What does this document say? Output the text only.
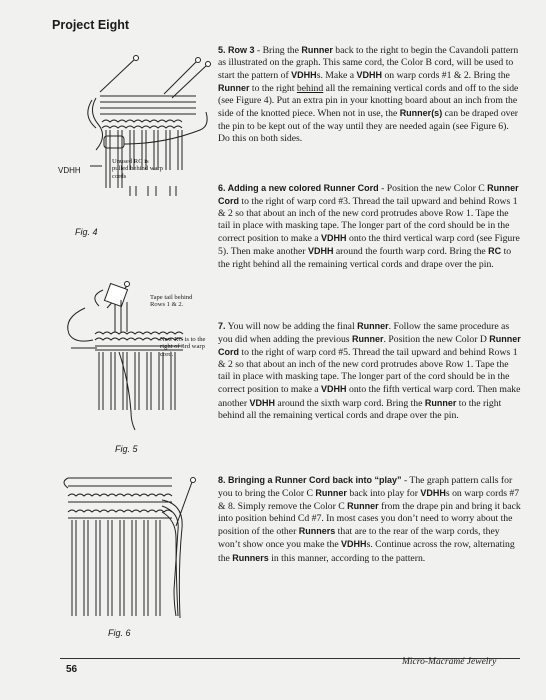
Project Eight

5. Row 3 - Bring the Runner back to the right to begin the Cavandoli pattern as illustrated on the graph. This same cord, the Color B cord, will be used to start the pattern of VDHHs. Make a VDHH on warp cords #1 & 2. Bring the Runner to the right behind all the remaining vertical cords and off to the side (see Figure 4). Put an extra pin in your knotting board about an inch from the side of the knotted piece. When not in use, the Runner(s) can be draped over the pin to be kept out of the way until they are needed again (see Figure 6). Do this on both sides.

6. Adding a new colored Runner Cord - Position the new Color C Runner Cord to the right of warp cord #3. Thread the tail upward and behind Rows 1 & 2 so that about an inch of the new cord protrudes above Row 1. Tape the tail in place with masking tape. The longer part of the cord should be in the correct position to make a VDHH onto the third vertical warp cord (see Figure 5). Then make another VDHH around the fourth warp cord. Bring the RC to the right behind all the remaining vertical cords and drape over the pin.

7. You will now be adding the final Runner. Follow the same procedure as you did when adding the previous Runner. Position the new Color D Runner Cord to the right of warp cord #5. Thread the tail upward and behind Rows 1 & 2 so that about an inch of the new cord protrudes above Row 1. Tape the tail in place with masking tape. The longer part of the cord should be in the correct position to make a VDHH onto the fifth vertical warp cord. Then make another VDHH around the sixth warp cord. Bring the Runner to the right behind all the remaining vertical cords and drape over the pin.

8. Bringing a Runner Cord back into “play” - The graph pattern calls for you to bring the Color C Runner back into play for VDHHs on warp cords #7 & 8. Simply remove the Color C Runner from the drape pin and bring it back into position behind Cd #7. In most cases you don’t need to worry about the position of the other Runners that are to the rear of the warp cords, they won’t show once you make the VDHHs. Continue across the row, alternating the Runners in this manner, according to the pattern.

VDHH
Unused RC is pulled behind warp cords
Fig. 4
Tape tail behind Rows 1 & 2.
New RC is to the right of 3rd warp cord.
Fig. 5
Fig. 6
56
Micro-Macramé Jewelry
